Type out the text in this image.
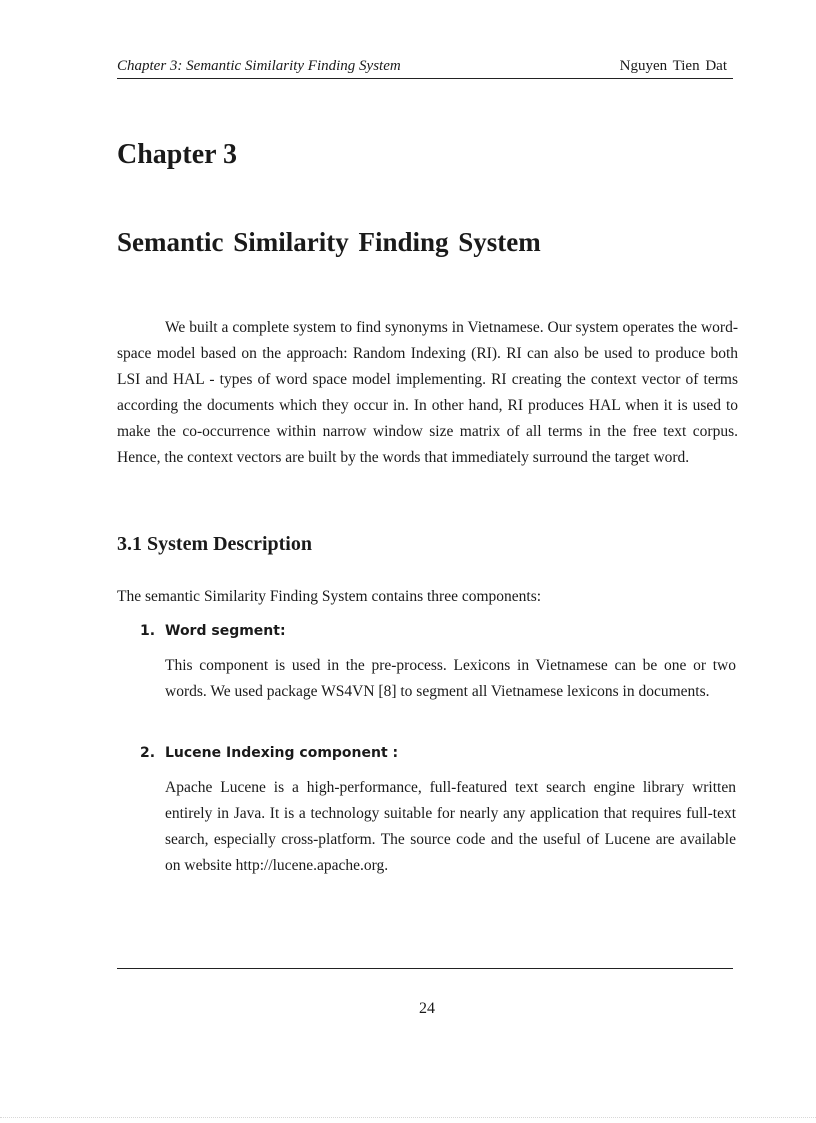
Chapter 3: Semantic Similarity Finding System	Nguyen Tien Dat
Chapter 3
Semantic Similarity Finding System

We built a complete system to find synonyms in Vietnamese. Our system operates the word-space model based on the approach: Random Indexing (RI). RI can also be used to produce both LSI and HAL - types of word space model implementing. RI creating the context vector of terms according the documents which they occur in. In other hand, RI produces HAL when it is used to make the co-occurrence within narrow window size matrix of all terms in the free text corpus. Hence, the context vectors are built by the words that immediately surround the target word.

3.1 System Description

The semantic Similarity Finding System contains three components:

1. Word segment:

This component is used in the pre-process. Lexicons in Vietnamese can be one or two words. We used package WS4VN [8] to segment all Vietnamese lexicons in documents.

2. Lucene Indexing component :

Apache Lucene is a high-performance, full-featured text search engine library written entirely in Java. It is a technology suitable for nearly any application that requires full-text search, especially cross-platform. The source code and the useful of Lucene are available on website http://lucene.apache.org.

24
